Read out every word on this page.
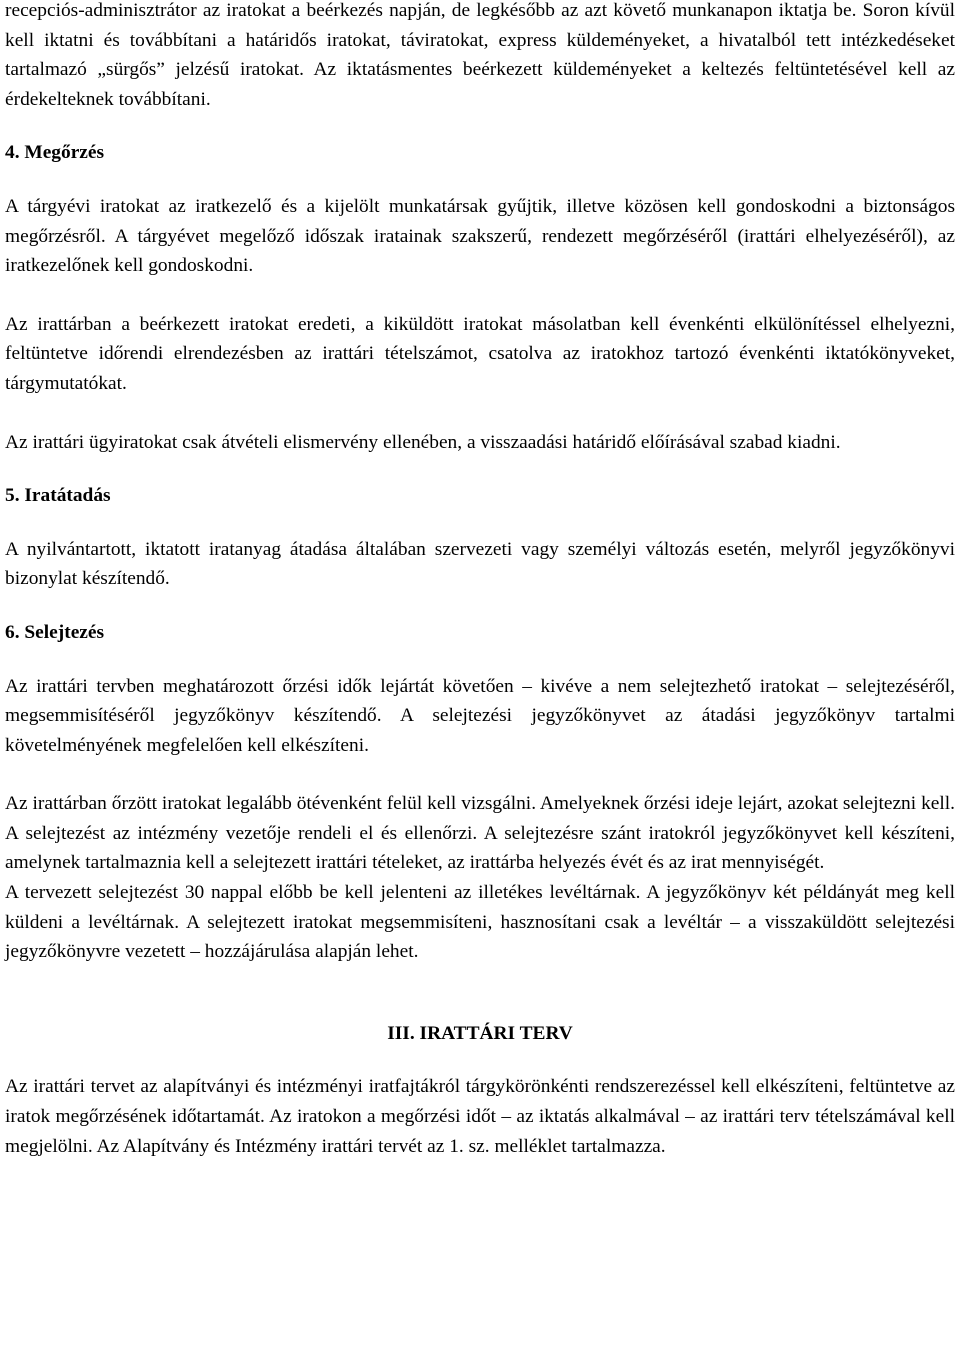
recepciós-adminisztrátor az iratokat a beérkezés napján, de legkésőbb az azt követő munkanapon iktatja be. Soron kívül kell iktatni és továbbítani a határidős iratokat, táviratokat, express küldeményeket, a hivatalból tett intézkedéseket tartalmazó „sürgős” jelzésű iratokat. Az iktatásmentes beérkezett küldeményeket a keltezés feltüntetésével kell az érdekelteknek továbbítani.

4. Megőrzés

A tárgyévi iratokat az iratkezelő és a kijelölt munkatársak gyűjtik, illetve közösen kell gondoskodni a biztonságos megőrzésről. A tárgyévet megelőző időszak iratainak szakszerű, rendezett megőrzéséről (irattári elhelyezéséről), az iratkezelőnek kell gondoskodni.

Az irattárban a beérkezett iratokat eredeti, a kiküldött iratokat másolatban kell évenkénti elkülönítéssel elhelyezni, feltüntetve időrendi elrendezésben az irattári tételszámot, csatolva az iratokhoz tartozó évenkénti iktatókönyveket, tárgymutatókat.

Az irattári ügyiratokat csak átvételi elismervény ellenében, a visszaadási határidő előírásával szabad kiadni.

5. Iratátadás

A nyilvántartott, iktatott iratanyag átadása általában szervezeti vagy személyi változás esetén, melyről jegyzőkönyvi bizonylat készítendő.

6. Selejtezés

Az irattári tervben meghatározott őrzési idők lejártát követően – kivéve a nem selejtezhető iratokat – selejtezéséről, megsemmisítéséről jegyzőkönyv készítendő. A selejtezési jegyzőkönyvet az átadási jegyzőkönyv tartalmi követelményének megfelelően kell elkészíteni.

Az irattárban őrzött iratokat legalább ötévenként felül kell vizsgálni. Amelyeknek őrzési ideje lejárt, azokat selejtezni kell. A selejtezést az intézmény vezetője rendeli el és ellenőrzi. A selejtezésre szánt iratokról jegyzőkönyvet kell készíteni, amelynek tartalmaznia kell a selejtezett irattári tételeket, az irattárba helyezés évét és az irat mennyiségét.

A tervezett selejtezést 30 nappal előbb be kell jelenteni az illetékes levéltárnak. A jegyzőkönyv két példányát meg kell küldeni a levéltárnak. A selejtezett iratokat megsemmisíteni, hasznosítani csak a levéltár – a visszaküldött selejtezési jegyzőkönyvre vezetett – hozzájárulása alapján lehet.

III. IRATTÁRI TERV

Az irattári tervet az alapítványi és intézményi iratfajtákról tárgykörönkénti rendszerezéssel kell elkészíteni, feltüntetve az iratok megőrzésének időtartamát. Az iratokon a megőrzési időt – az iktatás alkalmával – az irattári terv tételszámával kell megjelölni. Az Alapítvány és Intézmény irattári tervét az 1. sz. melléklet tartalmazza.
